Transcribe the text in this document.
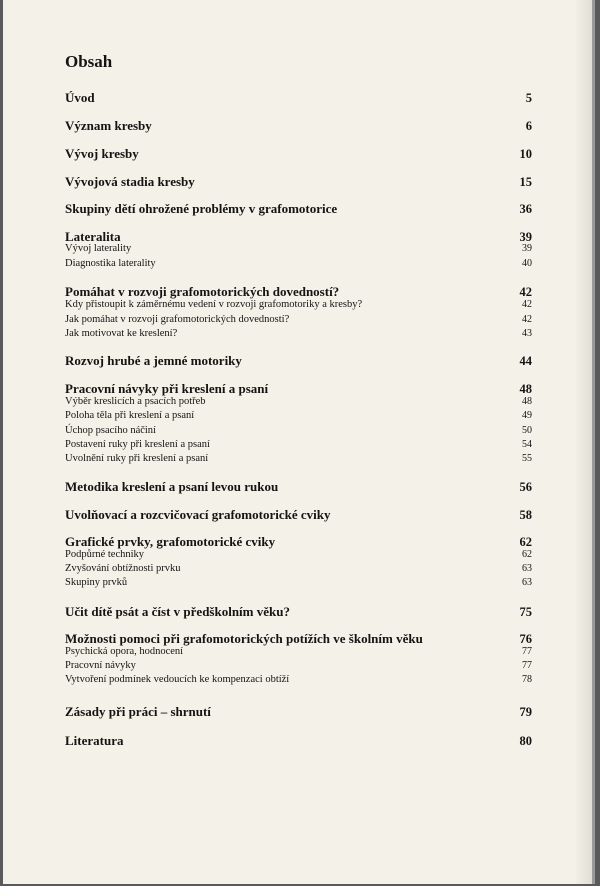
Obsah
Úvod	5
Význam kresby	6
Vývoj kresby	10
Vývojová stadia kresby	15
Skupiny dětí ohrožené problémy v grafomotorice	36
Lateralita	39
Vývoj laterality	39
Diagnostika laterality	40
Pomáhat v rozvoji grafomotorických dovedností?	42
Kdy přistoupit k záměrnému vedení v rozvoji grafomotoriky a kresby?	42
Jak pomáhat v rozvoji grafomotorických dovedností?	42
Jak motivovat ke kreslení?	43
Rozvoj hrubé a jemné motoriky	44
Pracovní návyky při kreslení a psaní	48
Výběr kreslicích a psacích potřeb	48
Poloha těla při kreslení a psaní	49
Úchop psacího náčiní	50
Postavení ruky při kreslení a psaní	54
Uvolnění ruky při kreslení a psaní	55
Metodika kreslení a psaní levou rukou	56
Uvolňovací a rozcvičovací grafomotorické cviky	58
Grafické prvky, grafomotorické cviky	62
Podpůrné techniky	62
Zvyšování obtížnosti prvku	63
Skupiny prvků	63
Učit dítě psát a číst v předškolním věku?	75
Možnosti pomoci při grafomotorických potížích ve školním věku	76
Psychická opora, hodnocení	77
Pracovní návyky	77
Vytvoření podmínek vedoucích ke kompenzaci obtíží	78
Zásady při práci – shrnutí	79
Literatura	80
